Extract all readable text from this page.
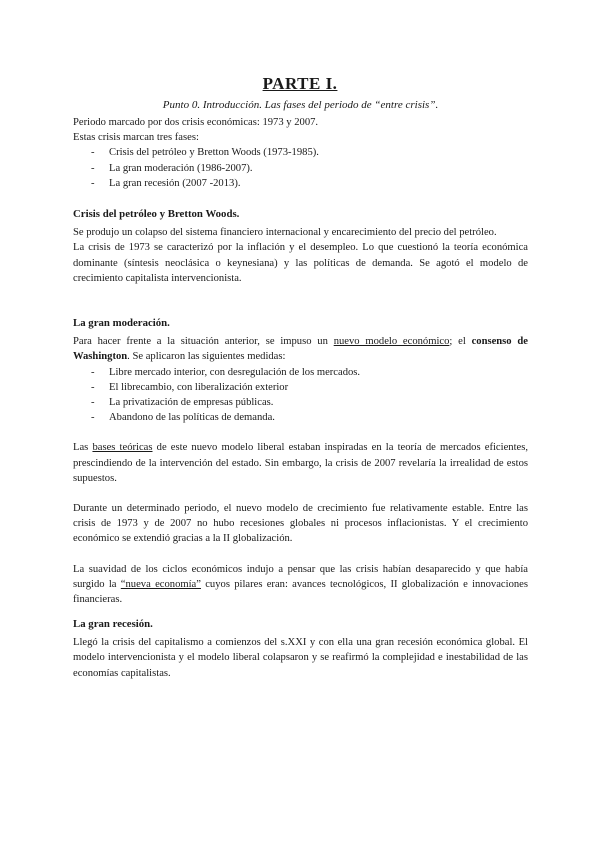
PARTE I.
Punto 0. Introducción. Las fases del periodo de “entre crisis”.
Periodo marcado por dos crisis económicas: 1973 y 2007.
Estas crisis marcan tres fases:
- Crisis del petróleo y Bretton Woods (1973-1985).
- La gran moderación (1986-2007).
- La gran recesión (2007 -2013).
Crisis del petróleo y Bretton Woods.
Se produjo un colapso del sistema financiero internacional y encarecimiento del precio del petróleo.
La crisis de 1973 se caracterizó por la inflación y el desempleo. Lo que cuestionó la teoría económica dominante (síntesis neoclásica o keynesiana) y las políticas de demanda. Se agotó el modelo de crecimiento capitalista intervencionista.
La gran moderación.
Para hacer frente a la situación anterior, se impuso un nuevo modelo económico; el consenso de Washington. Se aplicaron las siguientes medidas:
- Libre mercado interior, con desregulación de los mercados.
- El librecambio, con liberalización exterior
- La privatización de empresas públicas.
- Abandono de las políticas de demanda.
Las bases teóricas de este nuevo modelo liberal estaban inspiradas en la teoría de mercados eficientes, prescindiendo de la intervención del estado. Sin embargo, la crisis de 2007 revelaría la irrealidad de estos supuestos.
Durante un determinado periodo, el nuevo modelo de crecimiento fue relativamente estable. Entre las crisis de 1973 y de 2007 no hubo recesiones globales ni procesos inflacionistas. Y el crecimiento económico se extendió gracias a la II globalización.
La suavidad de los ciclos económicos indujo a pensar que las crisis habían desaparecido y que había surgido la “nueva economía” cuyos pilares eran: avances tecnológicos, II globalización e innovaciones financieras.
La gran recesión.
Llegó la crisis del capitalismo a comienzos del s.XXI y con ella una gran recesión económica global. El modelo intervencionista y el modelo liberal colapsaron y se reafirmó la complejidad e inestabilidad de las economías capitalistas.
